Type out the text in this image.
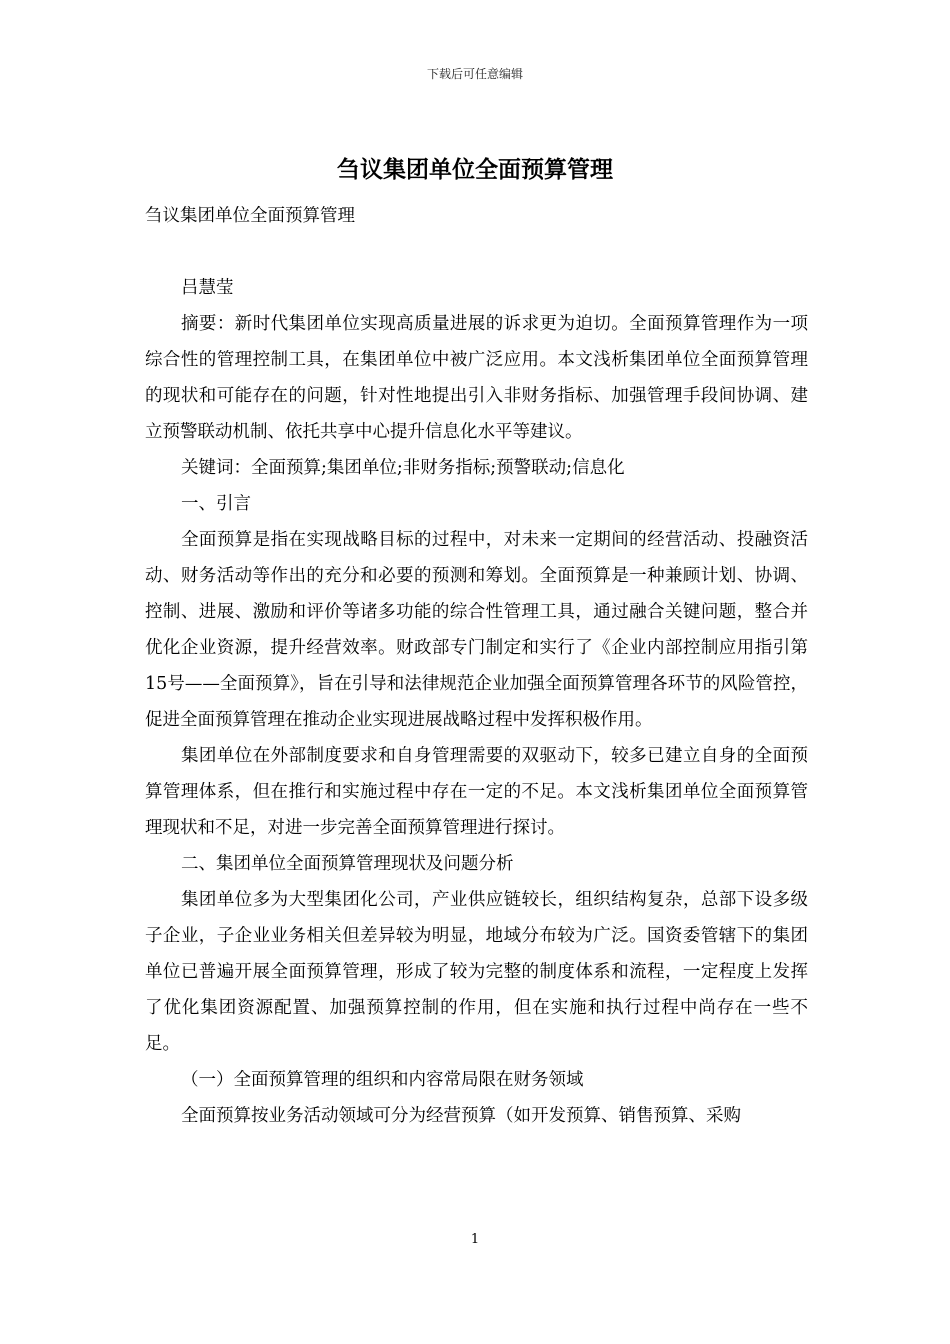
下载后可任意编辑
刍议集团单位全面预算管理

刍议集团单位全面预算管理

吕慧莹

摘要：新时代集团单位实现高质量进展的诉求更为迫切。全面预算管理作为一项综合性的管理控制工具，在集团单位中被广泛应用。本文浅析集团单位全面预算管理的现状和可能存在的问题，针对性地提出引入非财务指标、加强管理手段间协调、建立预警联动机制、依托共享中心提升信息化水平等建议。

关键词：全面预算;集团单位;非财务指标;预警联动;信息化

一、引言

全面预算是指在实现战略目标的过程中，对未来一定期间的经营活动、投融资活动、财务活动等作出的充分和必要的预测和筹划。全面预算是一种兼顾计划、协调、控制、进展、激励和评价等诸多功能的综合性管理工具，通过融合关键问题，整合并优化企业资源，提升经营效率。财政部专门制定和实行了《企业内部控制应用指引第15号——全面预算》，旨在引导和法律规范企业加强全面预算管理各环节的风险管控，促进全面预算管理在推动企业实现进展战略过程中发挥积极作用。

集团单位在外部制度要求和自身管理需要的双驱动下，较多已建立自身的全面预算管理体系，但在推行和实施过程中存在一定的不足。本文浅析集团单位全面预算管理现状和不足，对进一步完善全面预算管理进行探讨。

二、集团单位全面预算管理现状及问题分析

集团单位多为大型集团化公司，产业供应链较长，组织结构复杂，总部下设多级子企业，子企业业务相关但差异较为明显，地域分布较为广泛。国资委管辖下的集团单位已普遍开展全面预算管理，形成了较为完整的制度体系和流程，一定程度上发挥了优化集团资源配置、加强预算控制的作用，但在实施和执行过程中尚存在一些不足。

（一）全面预算管理的组织和内容常局限在财务领域

全面预算按业务活动领域可分为经营预算（如开发预算、销售预算、采购

1
